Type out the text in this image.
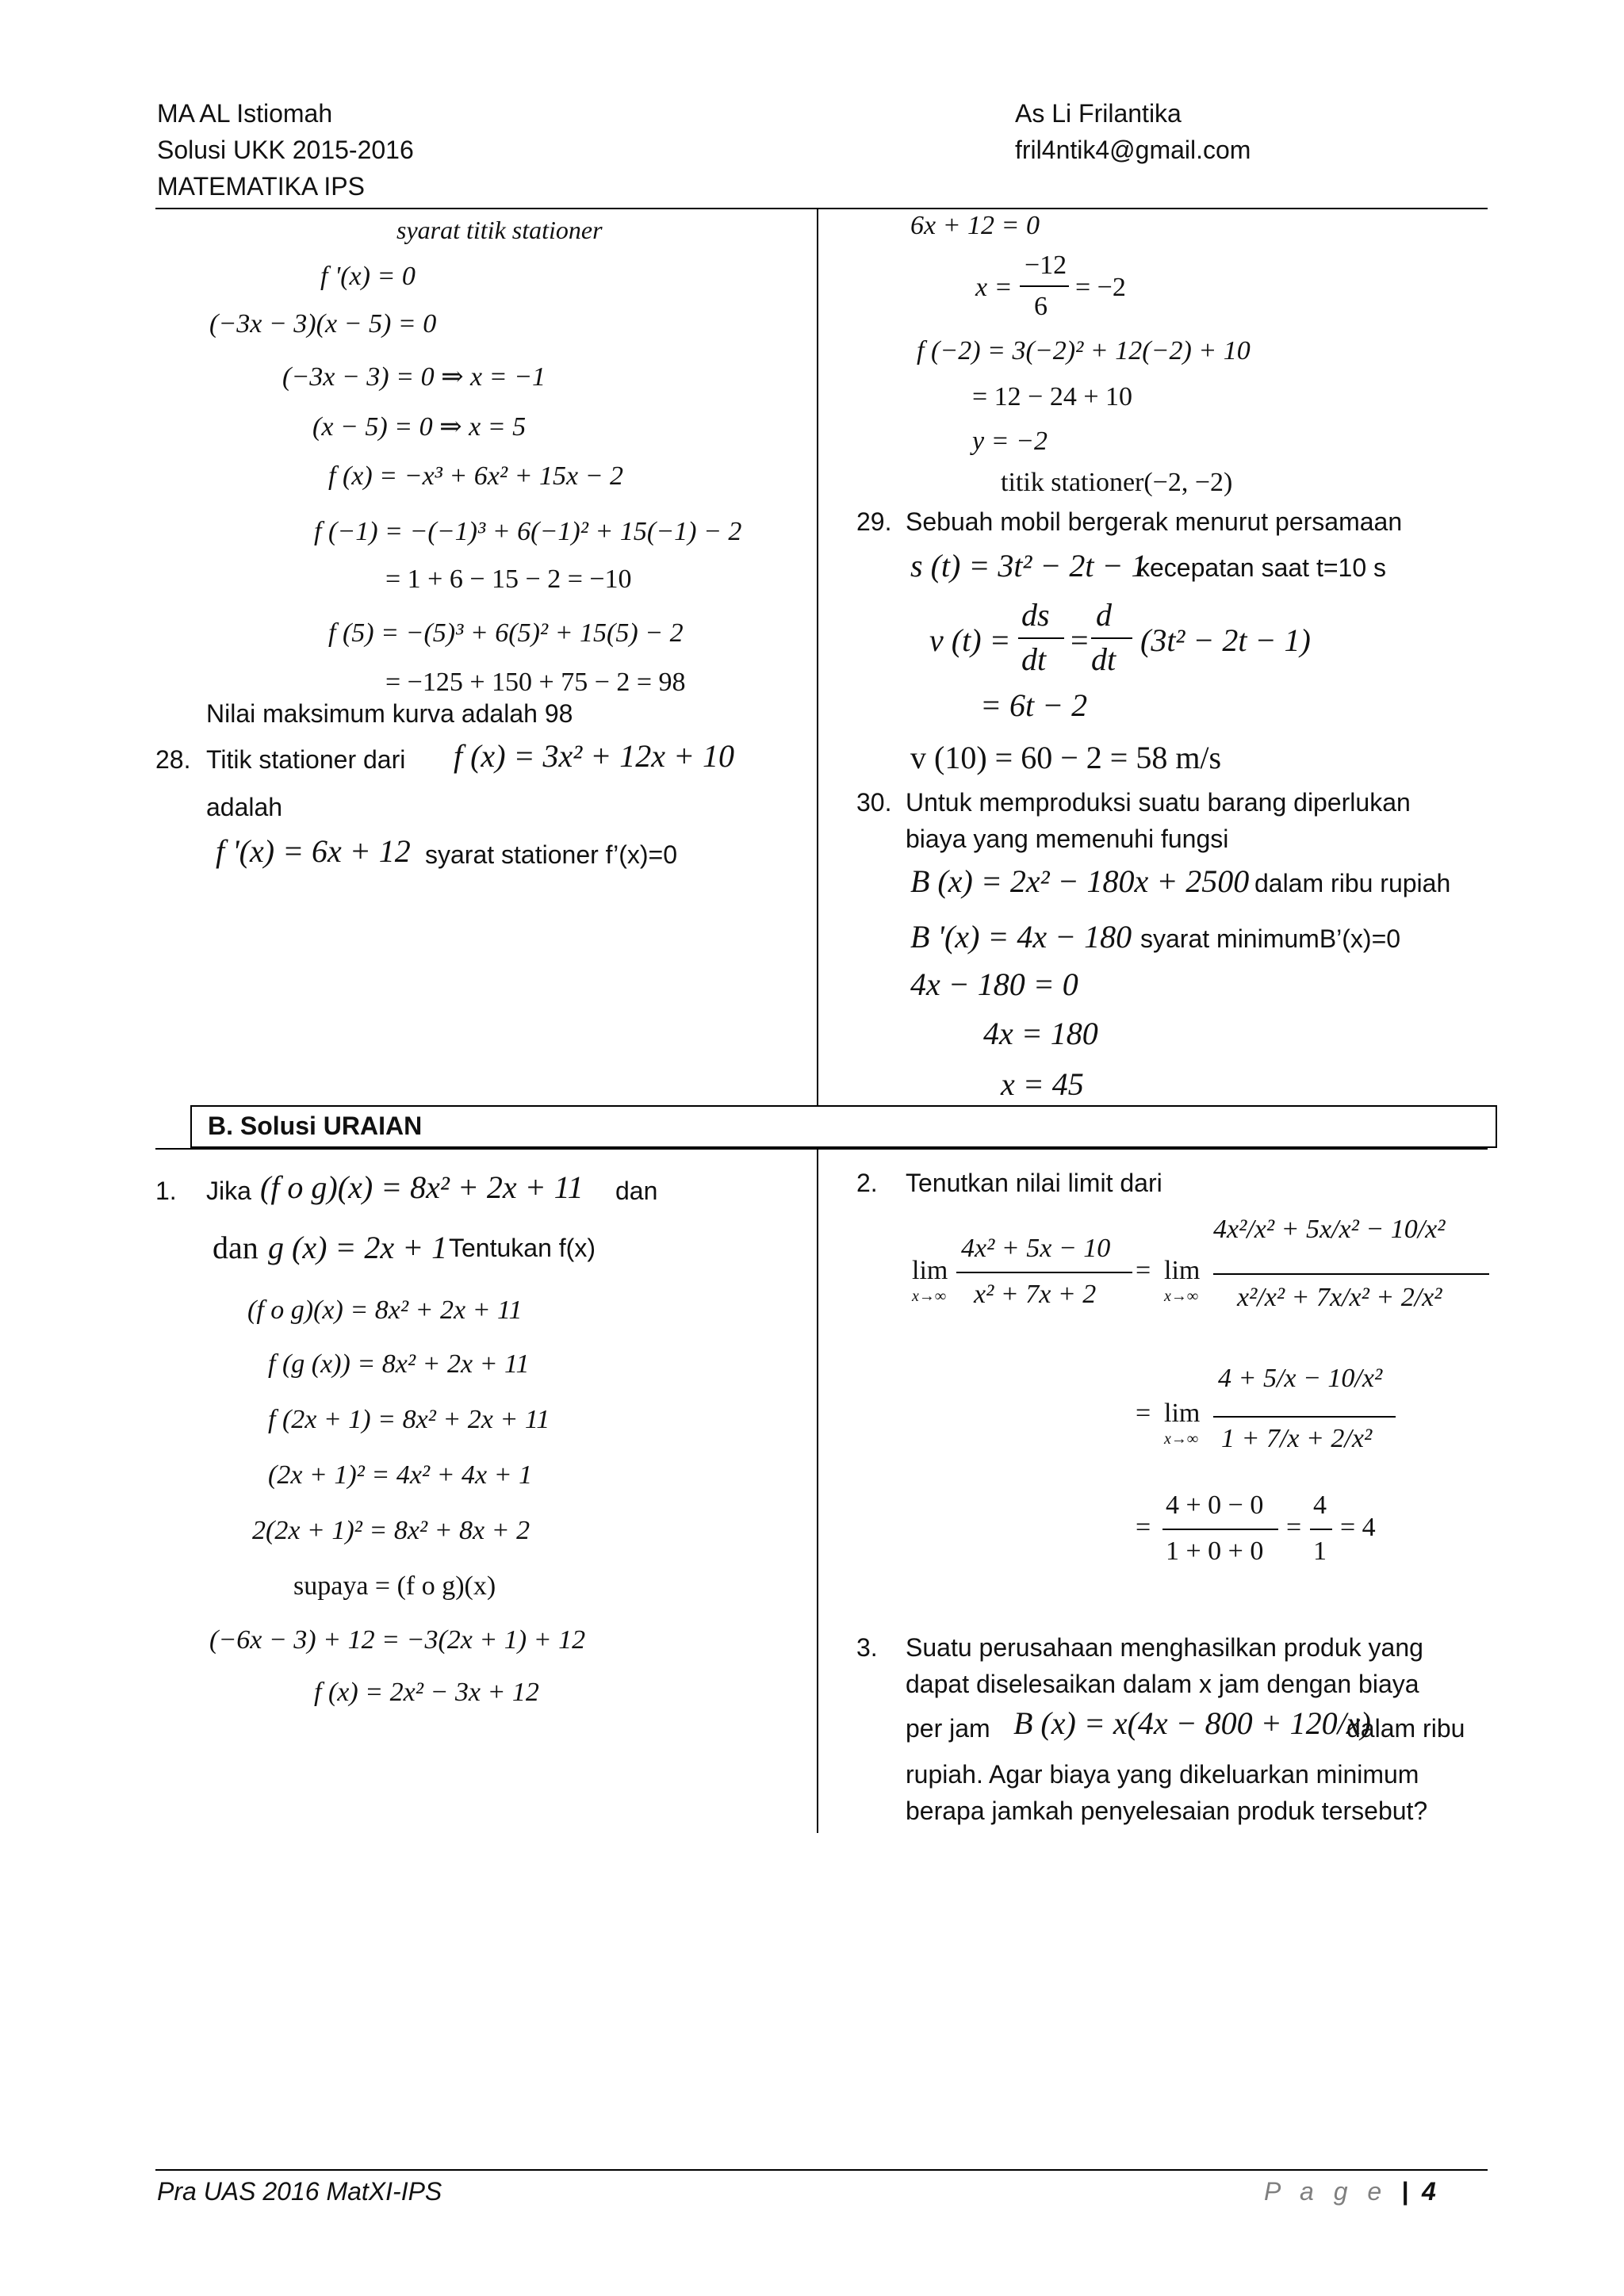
MA AL Istiomah
Solusi UKK 2015-2016
MATEMATIKA IPS
As Li Frilantika
fril4ntik4@gmail.com
syarat titik stationer
f '(x) = 0
(−3x − 3)(x − 5) = 0
(−3x − 3) = 0 ⇒ x = −1
(x − 5) = 0 ⇒ x = 5
f (x) = −x³ + 6x² + 15x − 2
f (−1) = −(−1)³ + 6(−1)² + 15(−1) − 2
= 1 + 6 − 15 − 2 = −10
f (5) = −(5)³ + 6(5)² + 15(5) − 2
= −125 + 150 + 75 − 2 = 98
Nilai maksimum kurva adalah 98
28. Titik stationer dari f (x) = 3x² + 12x + 10
adalah
f '(x) = 6x + 12 syarat stationer f’(x)=0
6x + 12 = 0
x =
−12
6
= −2
f (−2) = 3(−2)² + 12(−2) + 10
= 12 − 24 + 10
y = −2
titik stationer(−2, −2)
29. Sebuah mobil bergerak menurut persamaan
s (t) = 3t² − 2t − 1
kecepatan saat t=10 s
v (t) =
ds
dt
=
d
dt
(3t² − 2t − 1)
= 6t − 2
v (10) = 60 − 2 = 58 m/s
30. Untuk memproduksi suatu barang diperlukan
biaya yang memenuhi fungsi
B (x) = 2x² − 180x + 2500 dalam ribu rupiah
B '(x) = 4x − 180 syarat minimumB’(x)=0
4x − 180 = 0
4x = 180
x = 45
B. Solusi URAIAN
1. Jika (f o g)(x) = 8x² + 2x + 11 dan
dan g (x) = 2x + 1 Tentukan f(x)
(f o g)(x) = 8x² + 2x + 11
f (g (x)) = 8x² + 2x + 11
f (2x + 1) = 8x² + 2x + 11
(2x + 1)² = 4x² + 4x + 1
2(2x + 1)² = 8x² + 8x + 2
supaya = (f o g)(x)
(−6x − 3) + 12 = −3(2x + 1) + 12
f (x) = 2x² − 3x + 12
2. Tenutkan nilai limit dari
lim
x→∞
4x² + 5x − 10
x² + 7x + 2
= lim
x→∞
4x²/x² + 5x/x² − 10/x²
x²/x² + 7x/x² + 2/x²
= lim
x→∞
4 + 5/x − 10/x²
1 + 7/x + 2/x²
=
4 + 0 − 0
1 + 0 + 0
=
4
1
= 4
3. Suatu perusahaan menghasilkan produk yang
dapat diselesaikan dalam x jam dengan biaya
per jam B (x) = x(4x − 800 + 120/x)
dalam ribu
rupiah. Agar biaya yang dikeluarkan minimum
berapa jamkah penyelesaian produk tersebut?
Pra UAS 2016 MatXI-IPS	P a g e | 4
